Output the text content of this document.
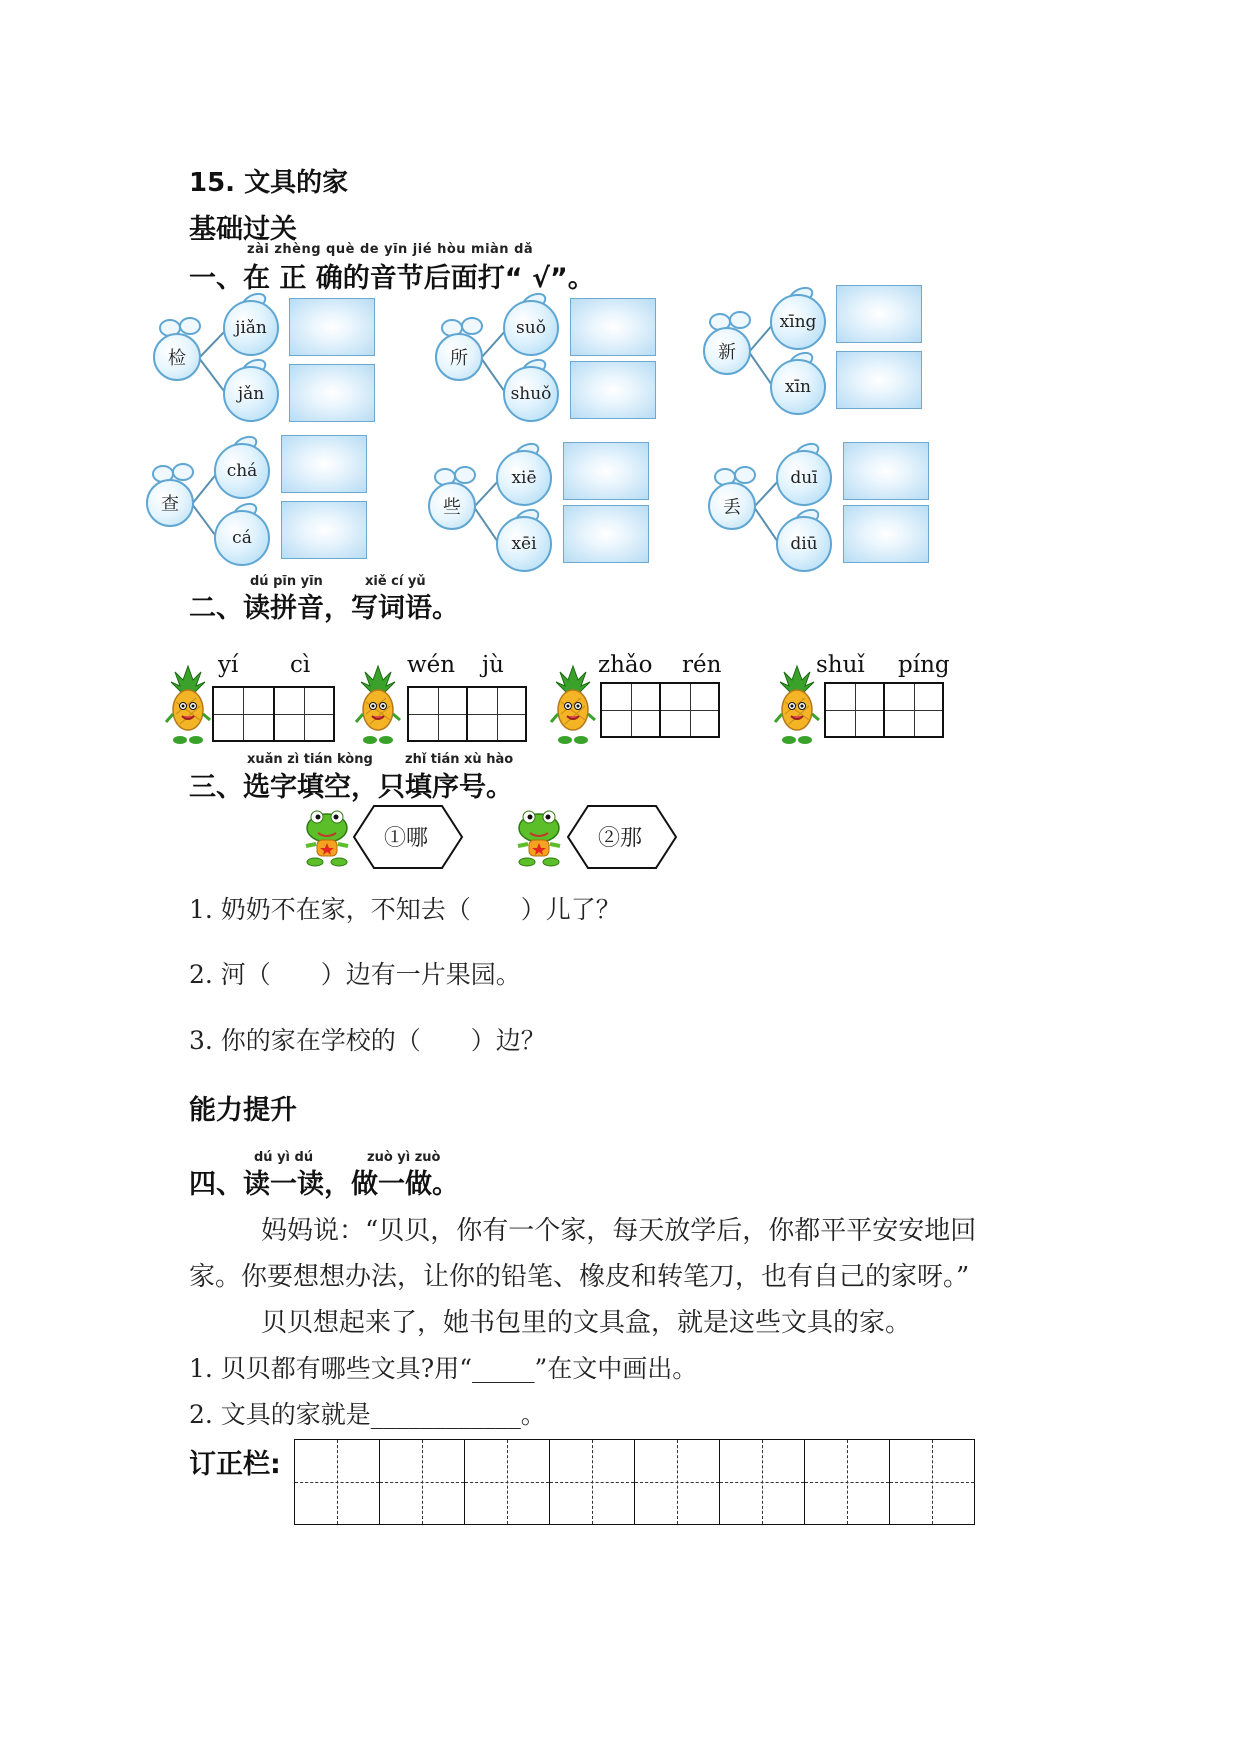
15. 文具的家
基础过关
zài zhèng què de yīn jié hòu miàn dǎ
一、在 正 确的音节后面打“ √”。
检
jiǎn
jǎn
所
suǒ
shuǒ
新
xīng
xīn
查
chá
cá
些
xiē
xēi
丢
duī
diū
dú pīn yīn	xiě cí yǔ
二、读拼音，写词语。
yí cì	wén jù	zhǎo rén	shuǐ píng
xuǎn zì tián kòng zhǐ tián xù hào
三、选字填空，只填序号。
①哪	②那
1. 奶奶不在家，不知去（　　）儿了？
2. 河（　　）边有一片果园。
3. 你的家在学校的（　　）边？
能力提升
dú yì dú	zuò yì zuò
四、读一读，做一做。
妈妈说：“贝贝，你有一个家，每天放学后，你都平平安安地回
家。你要想想办法，让你的铅笔、橡皮和转笔刀，也有自己的家呀。”
贝贝想起来了，她书包里的文具盒，就是这些文具的家。
1. 贝贝都有哪些文具?用“_____”在文中画出。
2. 文具的家就是____________。
订正栏:
